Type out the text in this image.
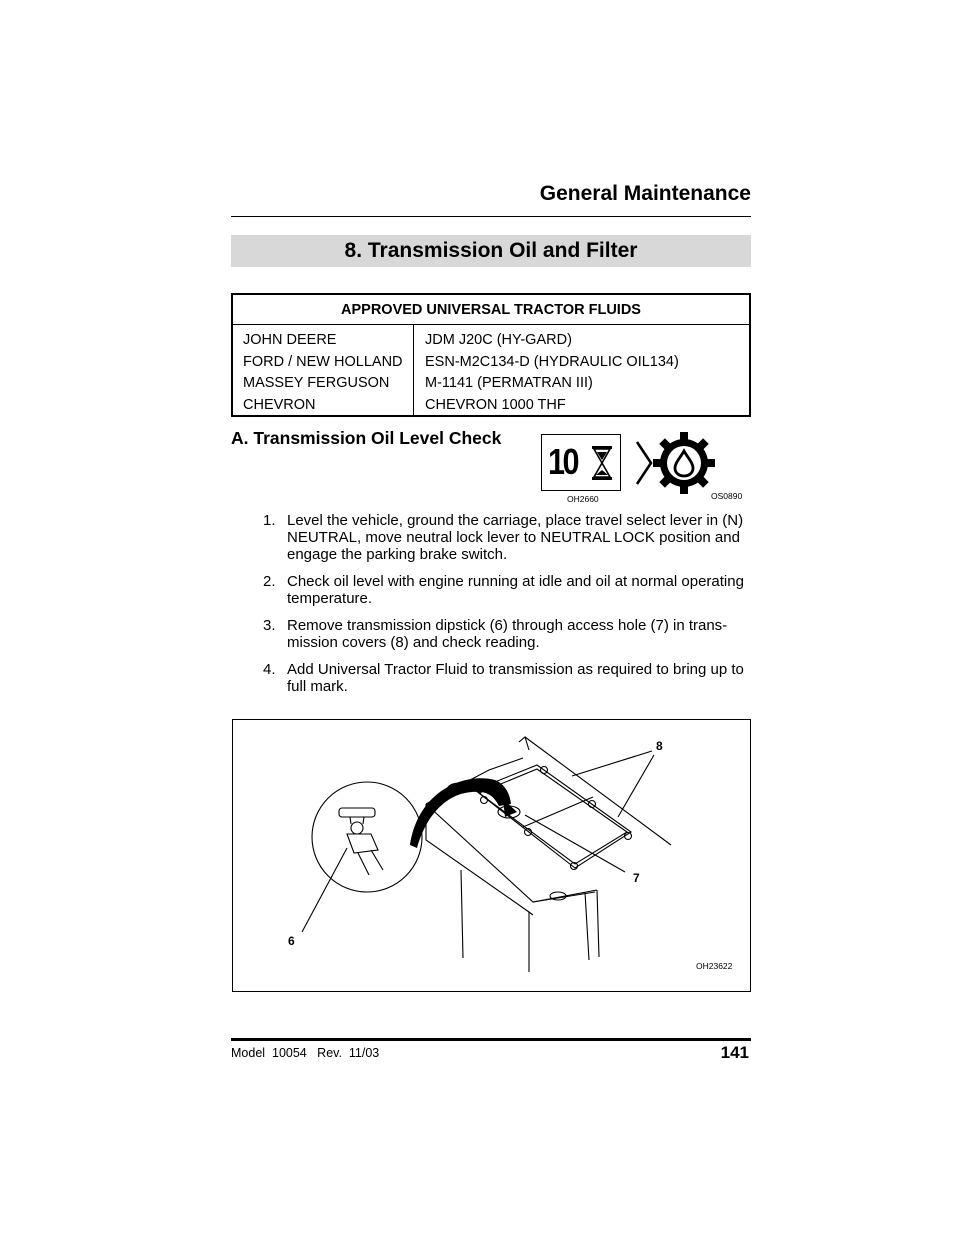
General Maintenance
8. Transmission Oil and Filter
APPROVED UNIVERSAL TRACTOR FLUIDS
JOHN DEERE
FORD / NEW HOLLAND
MASSEY FERGUSON
CHEVRON
JDM J20C (HY-GARD)
ESN-M2C134-D (HYDRAULIC OIL134)
M-1141 (PERMATRAN III)
CHEVRON 1000 THF
A. Transmission Oil Level Check
10
OH2660	OS0890
1. Level the vehicle, ground the carriage, place travel select lever in (N) NEUTRAL, move neutral lock lever to NEUTRAL LOCK position and engage the parking brake switch.
2. Check oil level with engine running at idle and oil at normal operating temperature.
3. Remove transmission dipstick (6) through access hole (7) in trans-mission covers (8) and check reading.
4. Add Universal Tractor Fluid to transmission as required to bring up to full mark.
8
7
6
OH23622
Model  10054   Rev.  11/03	141
